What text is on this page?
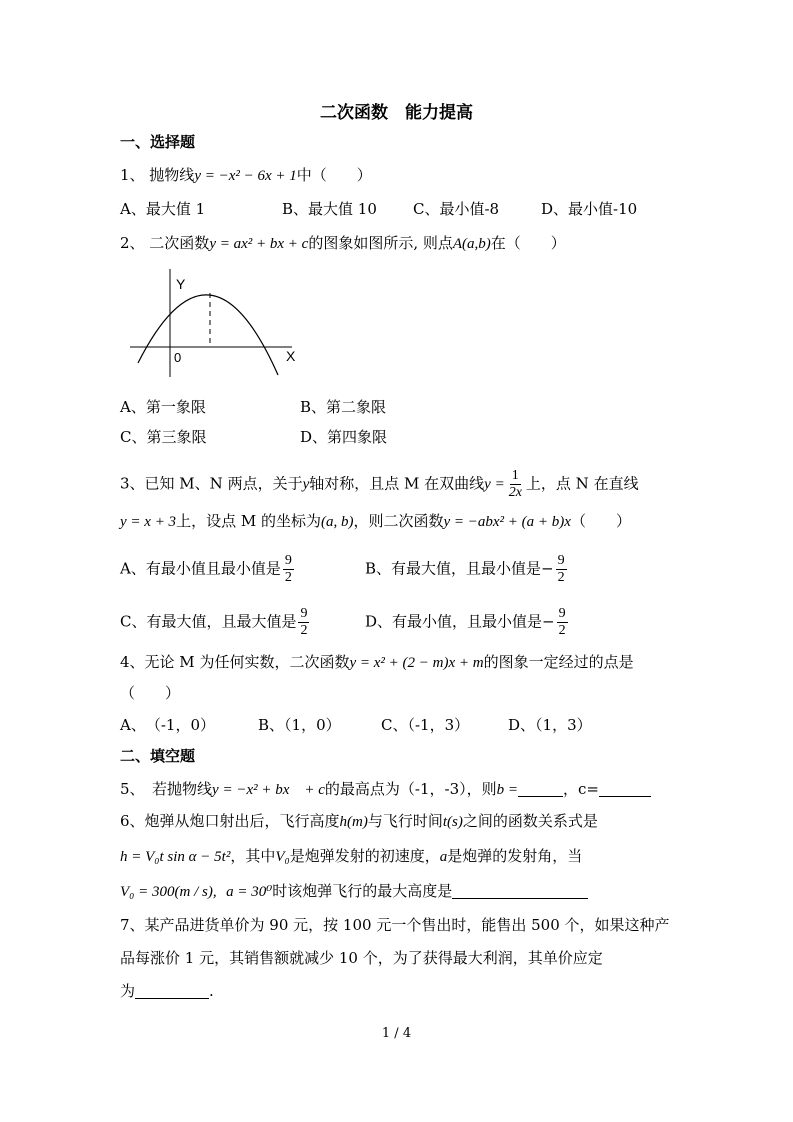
二次函数　能力提高
一、选择题
1、 抛物线y = −x² − 6x + 1中（　　）
A、最大值 1	B、最大值 10 C、最小值-8	D、最小值-10
2、 二次函数y = ax² + bx + c的图象如图所示, 则点A(a,b)在（　　）
Y
X
0
A、第一象限	B、第二象限
C、第三象限	D、第四象限
3、已知 M、N 两点，关于y轴对称，且点 M 在双曲线$y = \frac{1}{2x}$ 上，点 N 在直线
y = x + 3上，设点 M 的坐标为(a, b)，则二次函数y = −abx² + (a + b)x（　　）
A、有最小值且最小值是 $\frac{9}{2}$	B、有最大值，且最小值是− $\frac{9}{2}$
C、有最大值，且最大值是 $\frac{9}{2}$	D、有最小值，且最小值是− $\frac{9}{2}$
4、无论 M 为任何实数，二次函数y = x² + (2 − m)x + m的图象一定经过的点是
（　　）
A、　（-1，0）	B、（1，0）	C、（-1，3）	D、（1，3）
二、填空题
5、　若抛物线y = −x² + bx　+ c的最高点为（-1，-3），则b =	，c=
6、炮弹从炮口射出后，飞行高度h(m)与飞行时间t(s)之间的函数关系式是
h = V₀t sin α − 5t²，其中V₀是炮弹发射的初速度，a是炮弹的发射角，当
V₀ = 300(m / s), a = 30⁰时该炮弹飞行的最大高度是
7、某产品进货单价为 90 元，按 100 元一个售出时，能售出 500 个，如果这种产
品每涨价 1 元，其销售额就减少 10 个，为了获得最大利润，其单价应定
为	.
1 / 4
